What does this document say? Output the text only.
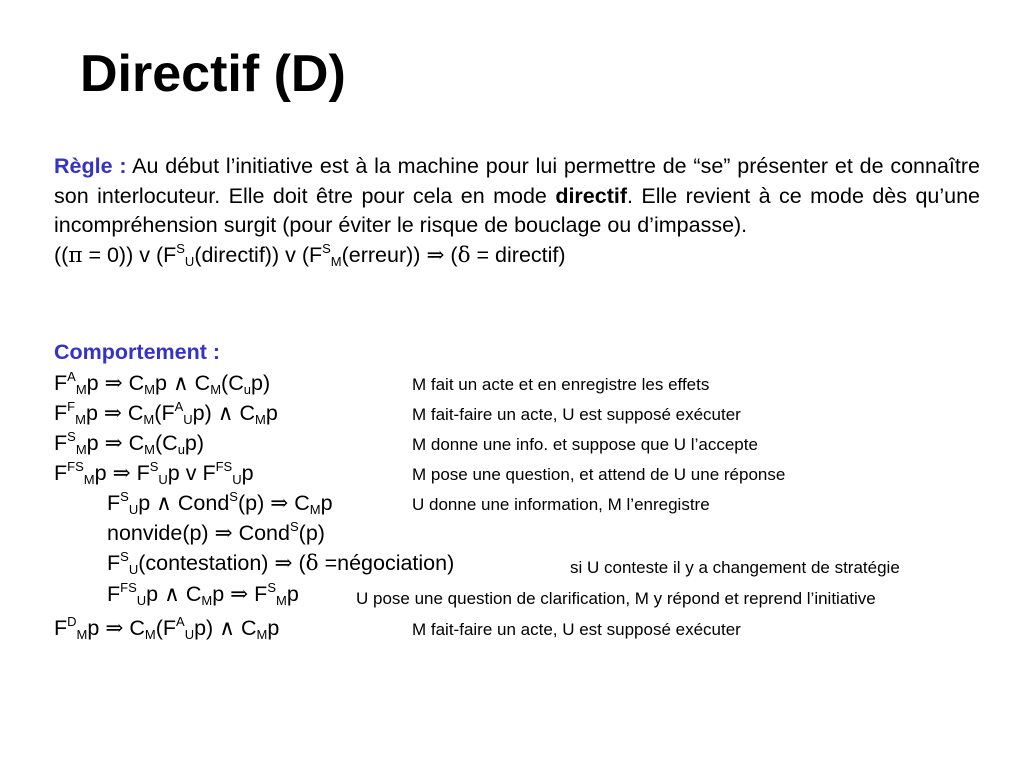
Directif (D)
Règle : Au début l’initiative est à la machine pour lui permettre de “se” présenter et de connaître son interlocuteur. Elle doit être pour cela en mode directif. Elle revient à ce mode dès qu’une incompréhension surgit (pour éviter le risque de bouclage ou d’impasse).
((π = 0)) v $(F^S_U(directif))$ v $(F^S_M(erreur))$ ⇒ (δ = directif)
Comportement :
$F^A_Mp$ ⇒ $C_Mp$ ∧ $C_M(C_up)$	M fait un acte et en enregistre les effets
$F^F_Mp$ ⇒ $C_M(F^A_Up)$ ∧ $C_Mp$	M fait-faire un acte, U est supposé exécuter
$F^S_Mp$ ⇒ $C_M(C_up)$	M donne une info. et suppose que U l’accepte
$F^{FS}_Mp$ ⇒ $F^S_Up$ v $F^{FS}_Up$	M pose une question, et attend de U une réponse
$F^S_Up$ ∧ Cond$^S$(p) ⇒ $C_Mp$	U donne une information, M l’enregistre
nonvide(p) ⇒ Cond$^S$(p)
$F^S_U(contestation)$ ⇒ (δ =négociation)	si U conteste il y a changement de stratégie
$F^{FS}_Up$ ∧ $C_Mp$ ⇒ $F^S_Mp$	U pose une question de clarification, M y répond et reprend l’initiative
$F^D_Mp$ ⇒ $C_M(F^A_Up)$ ∧ $C_Mp$	M fait-faire un acte, U est supposé exécuter
